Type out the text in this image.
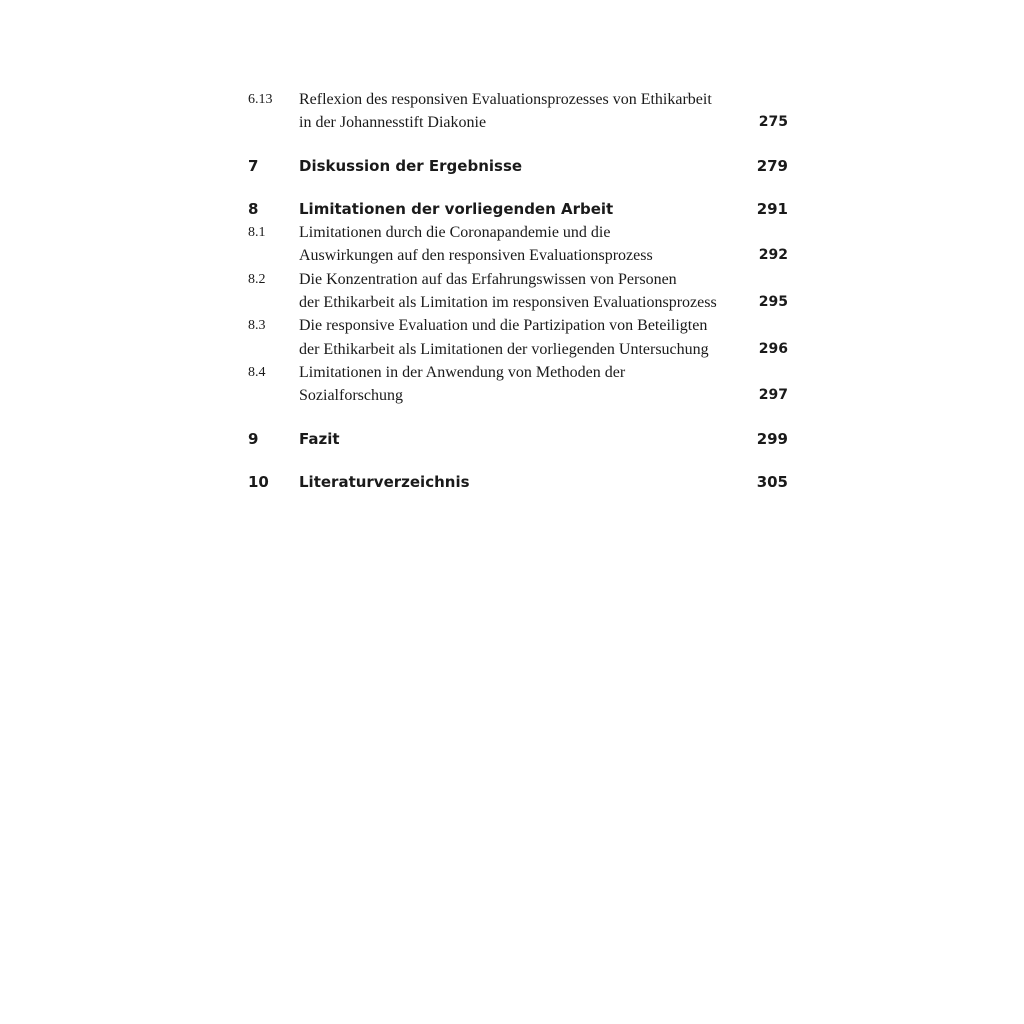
6.13	Reflexion des responsiven Evaluationsprozesses von Ethikarbeit
in der Johannesstift Diakonie	275
7	Diskussion der Ergebnisse	279
8	Limitationen der vorliegenden Arbeit	291
8.1	Limitationen durch die Coronapandemie und die
Auswirkungen auf den responsiven Evaluationsprozess	292
8.2	Die Konzentration auf das Erfahrungswissen von Personen
der Ethikarbeit als Limitation im responsiven Evaluationsprozess	295
8.3	Die responsive Evaluation und die Partizipation von Beteiligten
der Ethikarbeit als Limitationen der vorliegenden Untersuchung	296
8.4	Limitationen in der Anwendung von Methoden der
Sozialforschung	297
9	Fazit	299
10	Literaturverzeichnis	305
